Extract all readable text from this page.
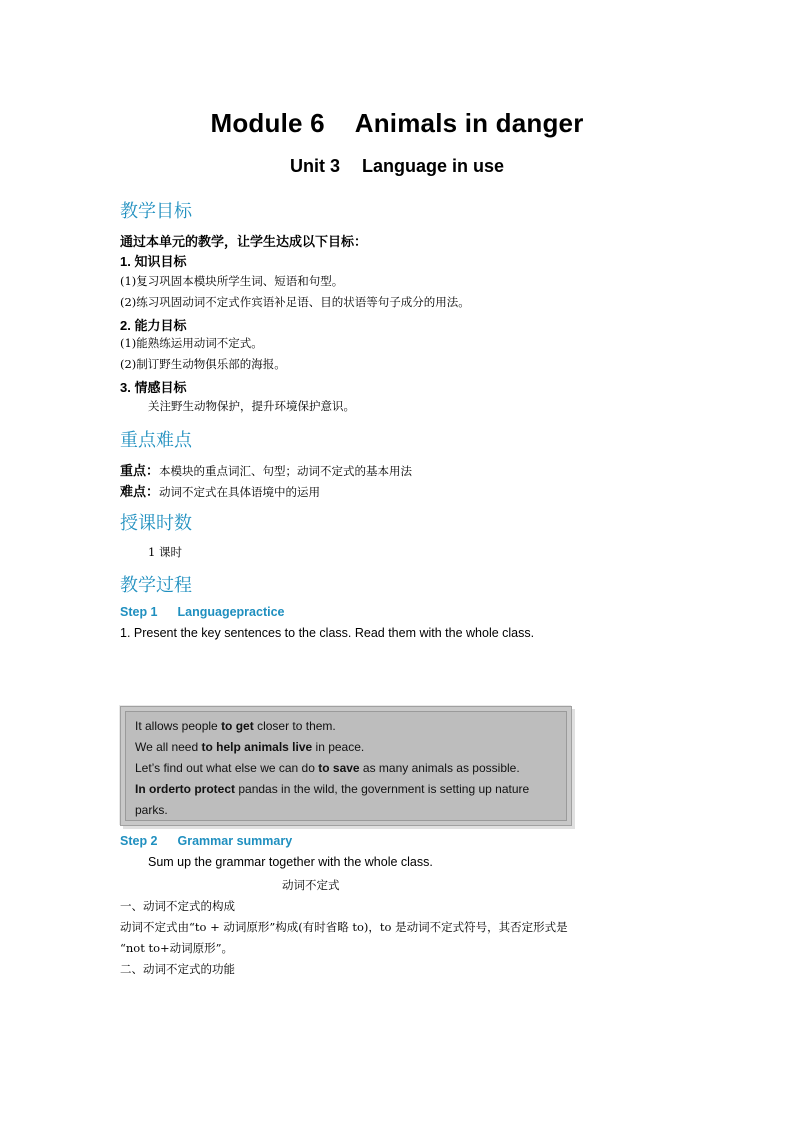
Module 6 Animals in danger
Unit 3 Language in use
教学目标
通过本单元的教学，让学生达成以下目标：
1. 知识目标
(1)复习巩固本模块所学生词、短语和句型。
(2)练习巩固动词不定式作宾语补足语、目的状语等句子成分的用法。
2. 能力目标
(1)能熟练运用动词不定式。
(2)制订野生动物俱乐部的海报。
3. 情感目标
关注野生动物保护，提升环境保护意识。
重点难点
重点：本模块的重点词汇、句型；动词不定式的基本用法
难点：动词不定式在具体语境中的运用
授课时数
1 课时
教学过程
Step 1 Languagepractice
1. Present the key sentences to the class. Read them with the whole class.
It allows people to get closer to them.
We all need to help animals live in peace.
Let’s find out what else we can do to save as many animals as possible.
In orderto protect pandas in the wild, the government is setting up nature
parks.
Step 2 Grammar summary
Sum up the grammar together with the whole class.
动词不定式
一、动词不定式的构成
动词不定式由“to + 动词原形”构成(有时省略 to)，to 是动词不定式符号，其否定形式是
“not to+动词原形”。
二、动词不定式的功能
